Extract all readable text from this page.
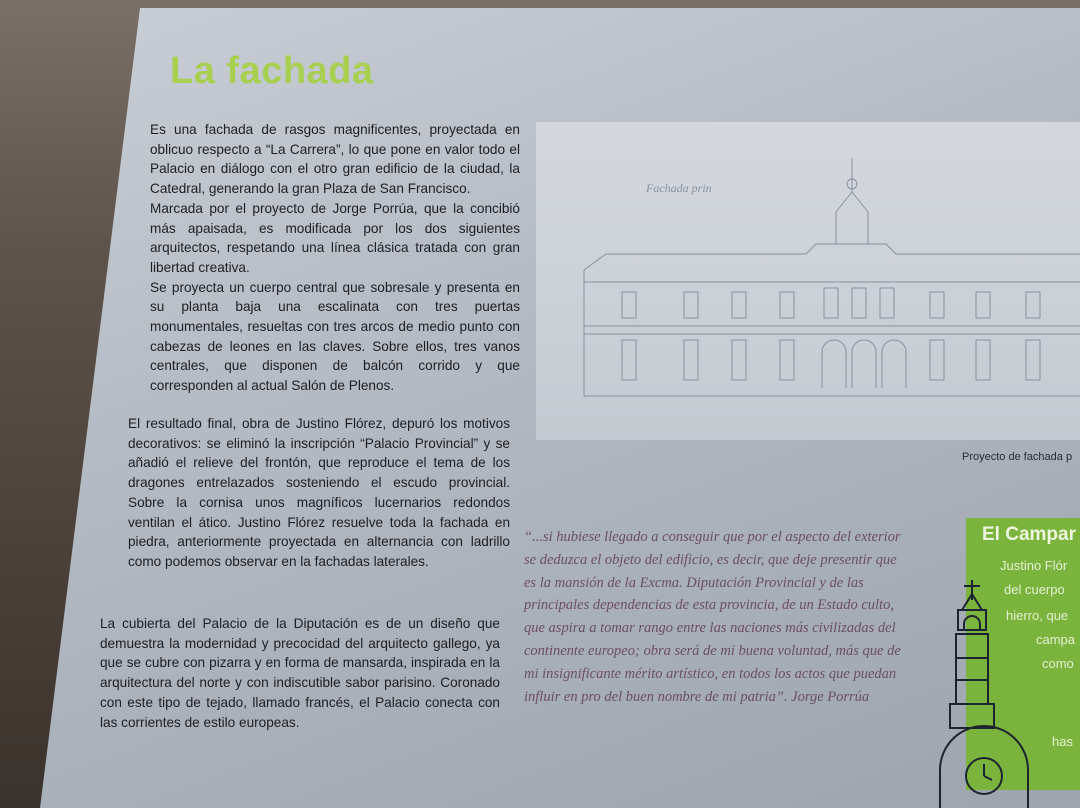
La fachada

Es una fachada de rasgos magnificentes, proyectada en oblicuo respecto a “La Carrera”, lo que pone en valor todo el Palacio en diálogo con el otro gran edificio de la ciudad, la Catedral, generando la gran Plaza de San Francisco.

Marcada por el proyecto de Jorge Porrúa, que la concibió más apaisada, es modificada por los dos siguientes arquitectos, respetando una línea clásica tratada con gran libertad creativa.

Se proyecta un cuerpo central que sobresale y presenta en su planta baja una escalinata con tres puertas monumentales, resueltas con tres arcos de medio punto con cabezas de leones en las claves. Sobre ellos, tres vanos centrales, que disponen de balcón corrido y que corresponden al actual Salón de Plenos.

El resultado final, obra de Justino Flórez, depuró los motivos decorativos: se eliminó la inscripción “Palacio Provincial” y se añadió el relieve del frontón, que reproduce el tema de los dragones entrelazados sosteniendo el escudo provincial. Sobre la cornisa unos magníficos lucernarios redondos ventilan el ático. Justino Flórez resuelve toda la fachada en piedra, anteriormente proyectada en alternancia con ladrillo como podemos observar en la fachadas laterales.

La cubierta del Palacio de la Diputación es de un diseño que demuestra la modernidad y precocidad del arquitecto gallego, ya que se cubre con pizarra y en forma de mansarda, inspirada en la arquitectura del norte y con indiscutible sabor parisino. Coronado con este tipo de tejado, llamado francés, el Palacio conecta con las corrientes de estilo europeas.

Fachada prin
Proyecto de fachada p

“...si hubiese llegado a conseguir que por el aspecto del exterior se deduzca el objeto del edificio, es decir, que deje presentir que es la mansión de la Excma. Diputación Provincial y de las principales dependencias de esta provincia, de un Estado culto, que aspira a tomar rango entre las naciones más civilizadas del continente europeo; obra será de mi buena voluntad, más que de mi insignificante mérito artístico, en todos los actos que puedan influir en pro del buen nombre de mi patria”. Jorge Porrúa

El Campar
Justino Flór
del cuerpo
hierro, que
campa
como
has
